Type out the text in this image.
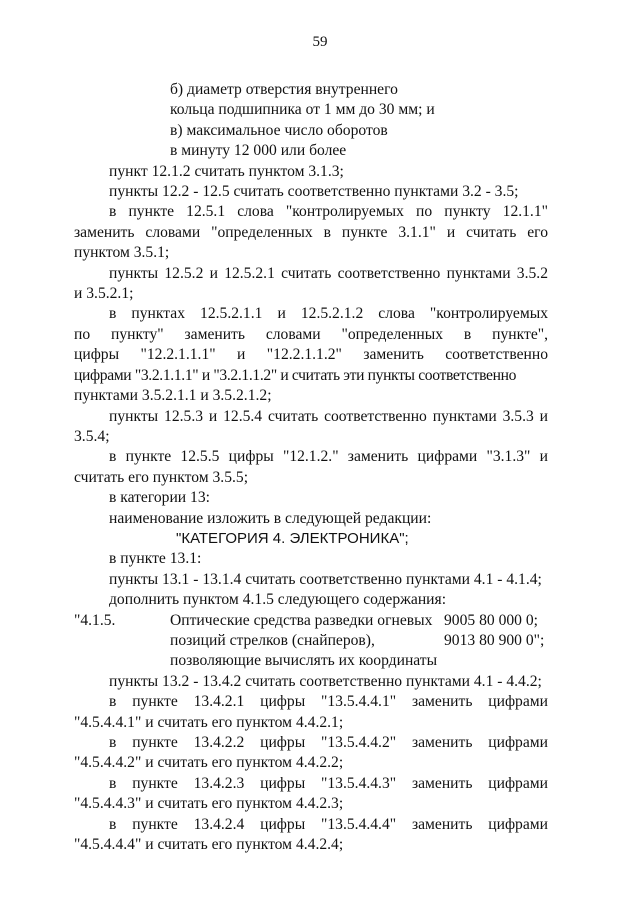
59
б) диаметр отверстия внутреннего
кольца подшипника от 1 мм до 30 мм; и
в) максимальное число оборотов
в минуту 12 000 или более
пункт 12.1.2 считать пунктом 3.1.3;
пункты 12.2 - 12.5 считать соответственно пунктами 3.2 - 3.5;
в пункте 12.5.1 слова "контролируемых по пункту 12.1.1"
заменить словами "определенных в пункте 3.1.1" и считать его
пунктом 3.5.1;
пункты 12.5.2 и 12.5.2.1 считать соответственно пунктами 3.5.2
и 3.5.2.1;
в пунктах 12.5.2.1.1 и 12.5.2.1.2 слова "контролируемых
по пункту" заменить словами "определенных в пункте",
цифры "12.2.1.1.1" и "12.2.1.1.2" заменить соответственно
цифрами "3.2.1.1.1" и "3.2.1.1.2" и считать эти пункты соответственно
пунктами 3.5.2.1.1 и 3.5.2.1.2;
пункты 12.5.3 и 12.5.4 считать соответственно пунктами 3.5.3 и
3.5.4;
в пункте 12.5.5 цифры "12.1.2." заменить цифрами "3.1.3" и
считать его пунктом 3.5.5;
в категории 13:
наименование изложить в следующей редакции:
"КАТЕГОРИЯ 4. ЭЛЕКТРОНИКА";
в пункте 13.1:
пункты 13.1 - 13.1.4 считать соответственно пунктами 4.1 - 4.1.4;
дополнить пунктом 4.1.5 следующего содержания:
"4.1.5.	Оптические средства разведки огневых 9005 80 000 0;
позиций стрелков (снайперов),	9013 80 900 0";
позволяющие вычислять их координаты
пункты 13.2 - 13.4.2 считать соответственно пунктами 4.1 - 4.4.2;
в пункте 13.4.2.1 цифры "13.5.4.4.1" заменить цифрами
"4.5.4.4.1" и считать его пунктом 4.4.2.1;
в пункте 13.4.2.2 цифры "13.5.4.4.2" заменить цифрами
"4.5.4.4.2" и считать его пунктом 4.4.2.2;
в пункте 13.4.2.3 цифры "13.5.4.4.3" заменить цифрами
"4.5.4.4.3" и считать его пунктом 4.4.2.3;
в пункте 13.4.2.4 цифры "13.5.4.4.4" заменить цифрами
"4.5.4.4.4" и считать его пунктом 4.4.2.4;
